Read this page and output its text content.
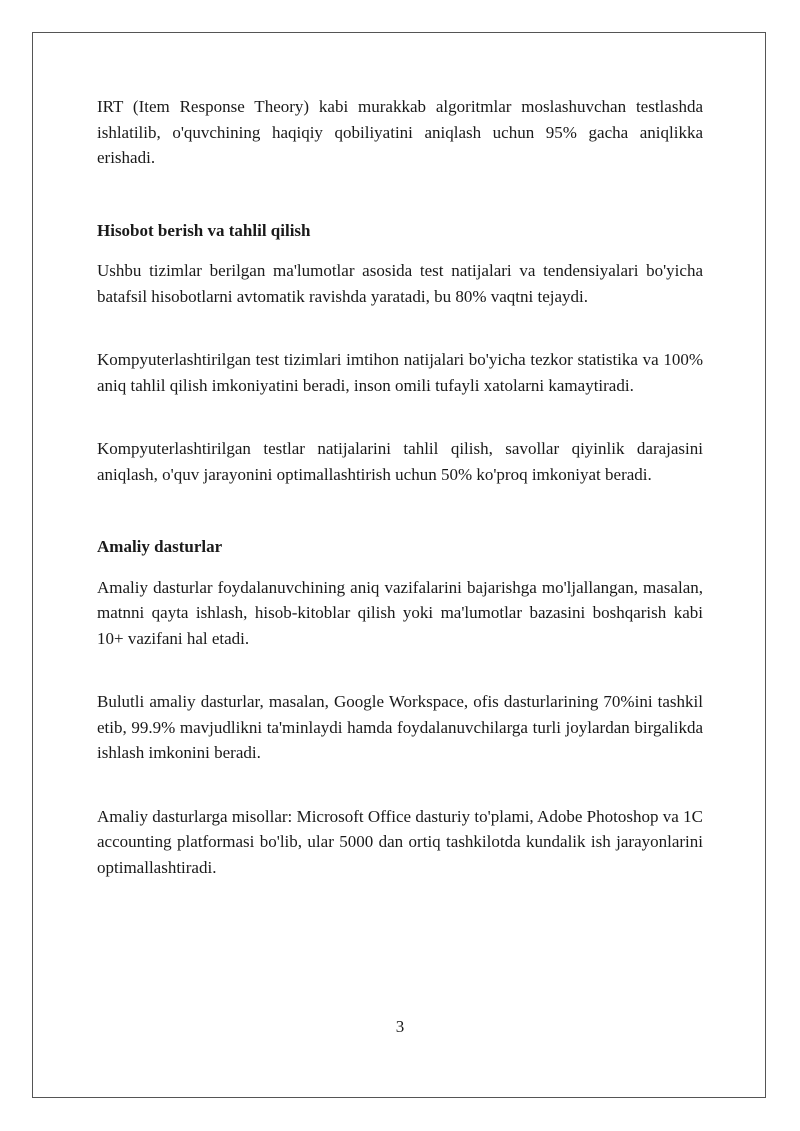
IRT (Item Response Theory) kabi murakkab algoritmlar moslashuvchan testlashda ishlatilib, o'quvchining haqiqiy qobiliyatini aniqlash uchun 95% gacha aniqlikka erishadi.

Hisobot berish va tahlil qilish

Ushbu tizimlar berilgan ma'lumotlar asosida test natijalari va tendensiyalari bo'yicha batafsil hisobotlarni avtomatik ravishda yaratadi, bu 80% vaqtni tejaydi.

Kompyuterlashtirilgan test tizimlari imtihon natijalari bo'yicha tezkor statistika va 100% aniq tahlil qilish imkoniyatini beradi, inson omili tufayli xatolarni kamaytiradi.

Kompyuterlashtirilgan testlar natijalarini tahlil qilish, savollar qiyinlik darajasini aniqlash, o'quv jarayonini optimallashtirish uchun 50% ko'proq imkoniyat beradi.

Amaliy dasturlar

Amaliy dasturlar foydalanuvchining aniq vazifalarini bajarishga mo'ljallangan, masalan, matnni qayta ishlash, hisob-kitoblar qilish yoki ma'lumotlar bazasini boshqarish kabi 10+ vazifani hal etadi.

Bulutli amaliy dasturlar, masalan, Google Workspace, ofis dasturlarining 70%ini tashkil etib, 99.9% mavjudlikni ta'minlaydi hamda foydalanuvchilarga turli joylardan birgalikda ishlash imkonini beradi.

Amaliy dasturlarga misollar: Microsoft Office dasturiy to'plami, Adobe Photoshop va 1C accounting platformasi bo'lib, ular 5000 dan ortiq tashkilotda kundalik ish jarayonlarini optimallashtiradi.

3
